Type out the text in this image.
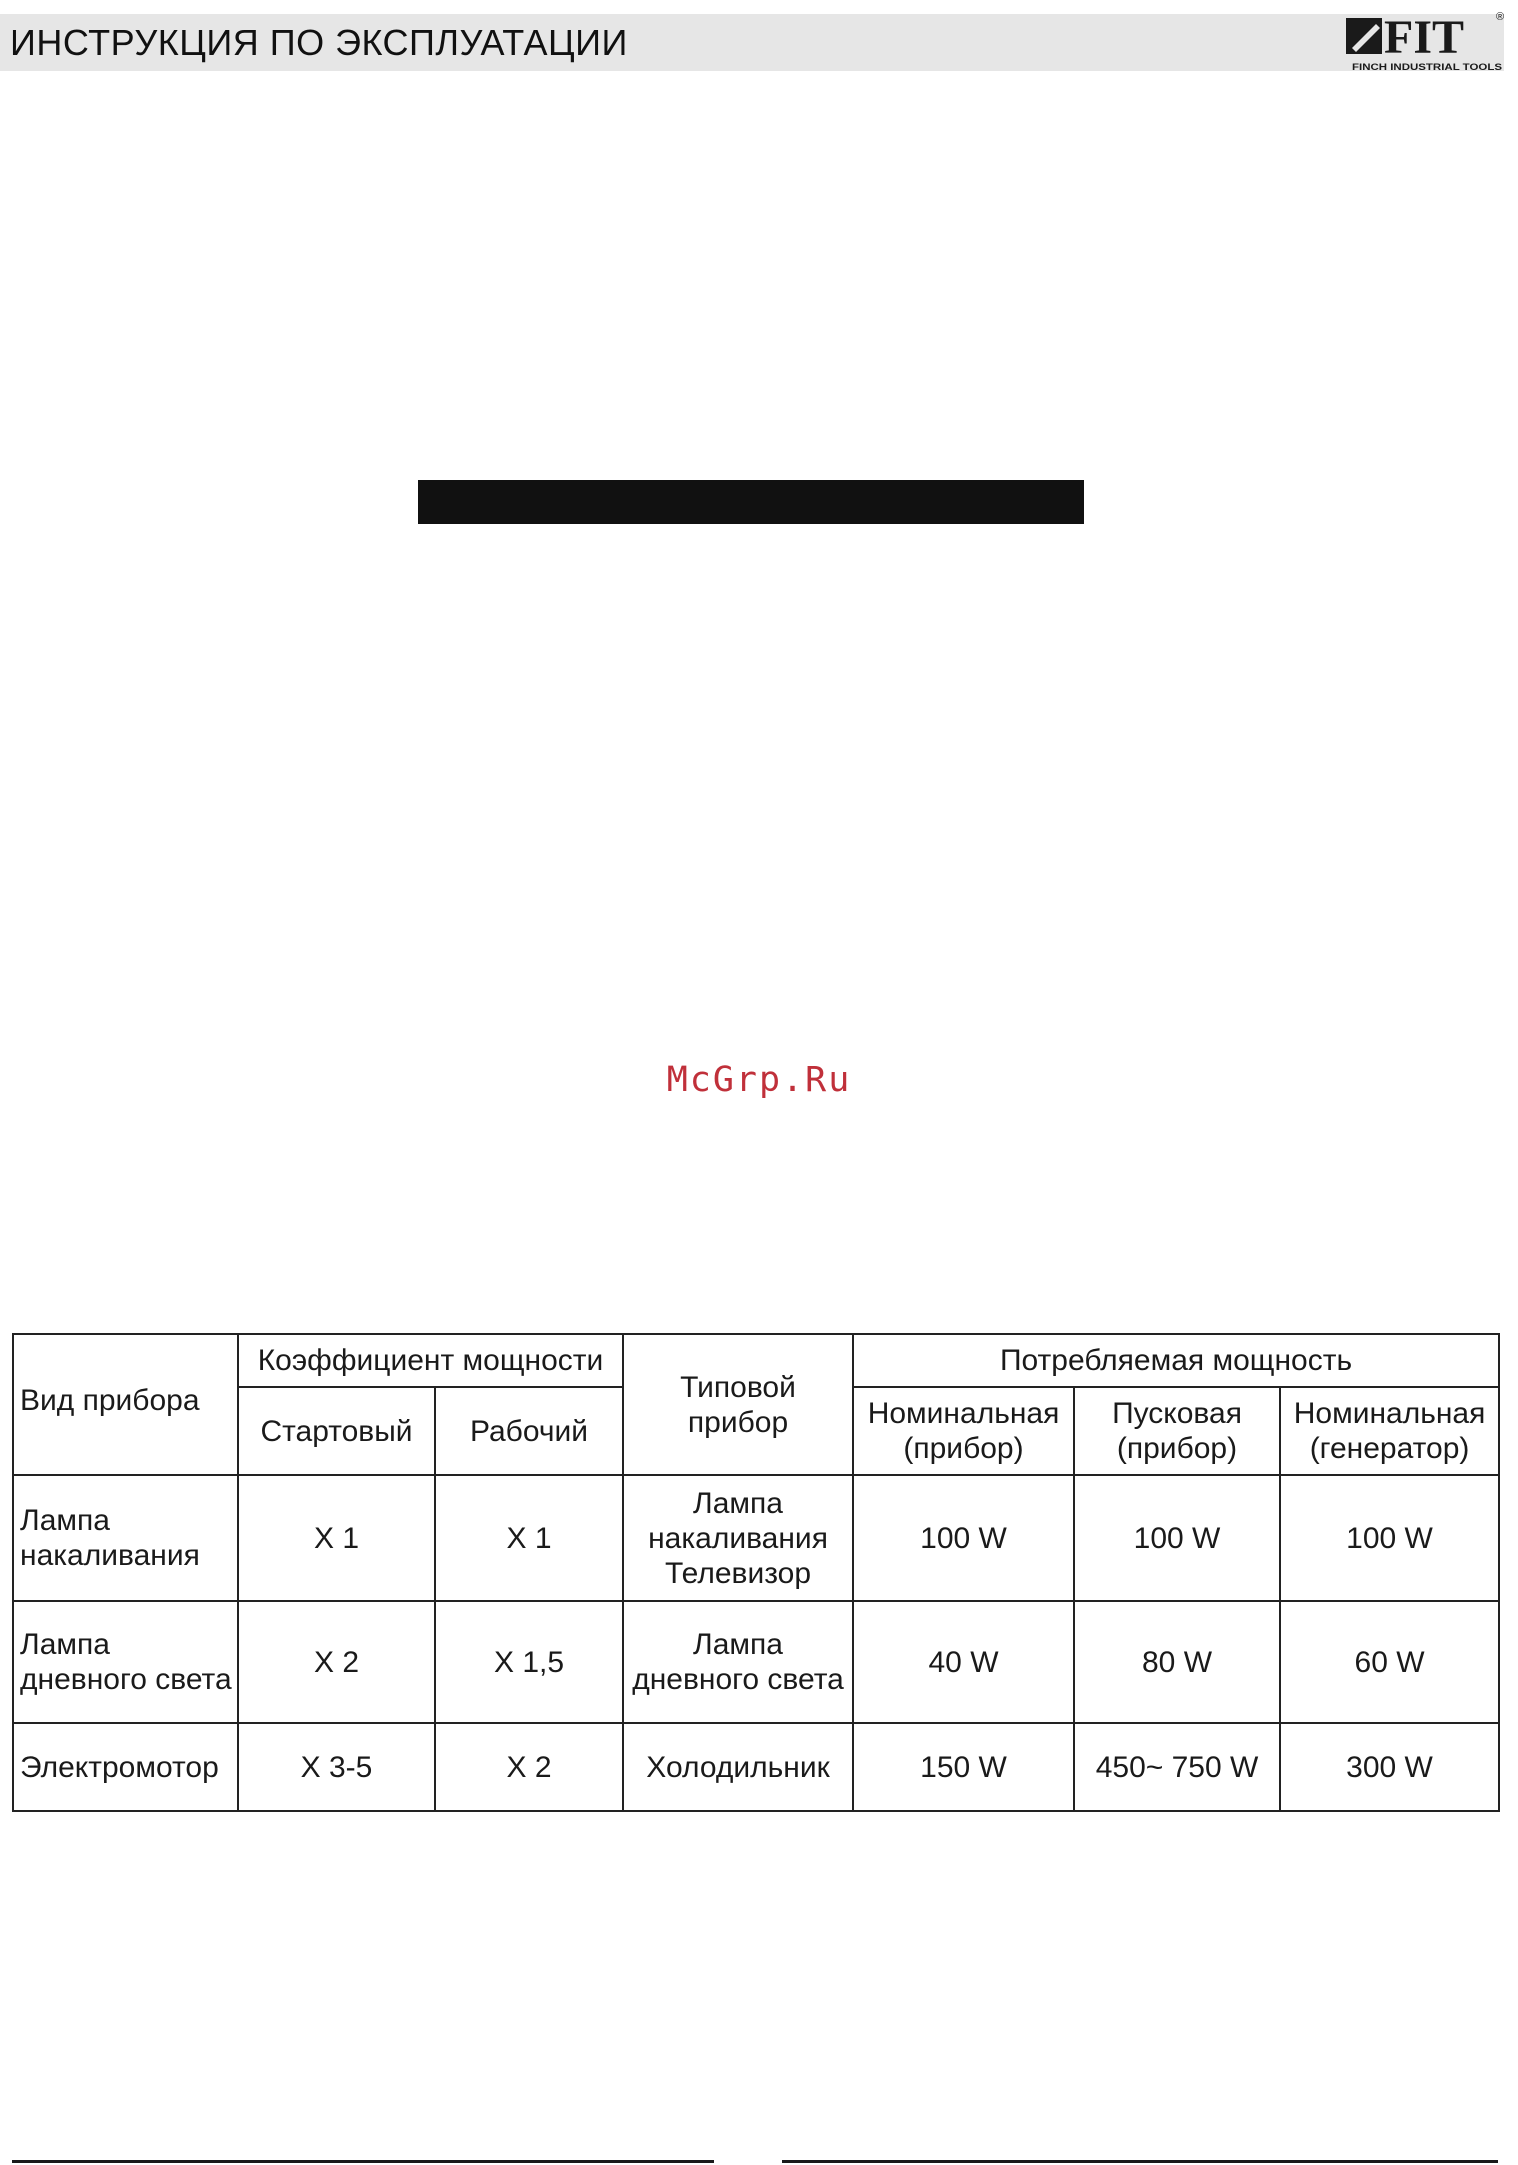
ИНСТРУКЦИЯ ПО ЭКСПЛУАТАЦИИ	FIT	®
FINCH INDUSTRIAL TOOLS
McGrp.Ru
Вид прибора	Коэффициент мощности		Типовой прибор	Потребляемая мощность		
	Стартовый	Рабочий		Номинальная (прибор)	Пусковая (прибор)	Номинальная (генератор)
Лампа накаливания	X 1	X 1	Лампа накаливания Телевизор	100 W	100 W	100 W
Лампа дневного света	X 2	X 1,5	Лампа дневного света	40 W	80 W	60 W
Электромотор	X 3-5	X 2	Холодильник	150 W	450~ 750 W	300 W
